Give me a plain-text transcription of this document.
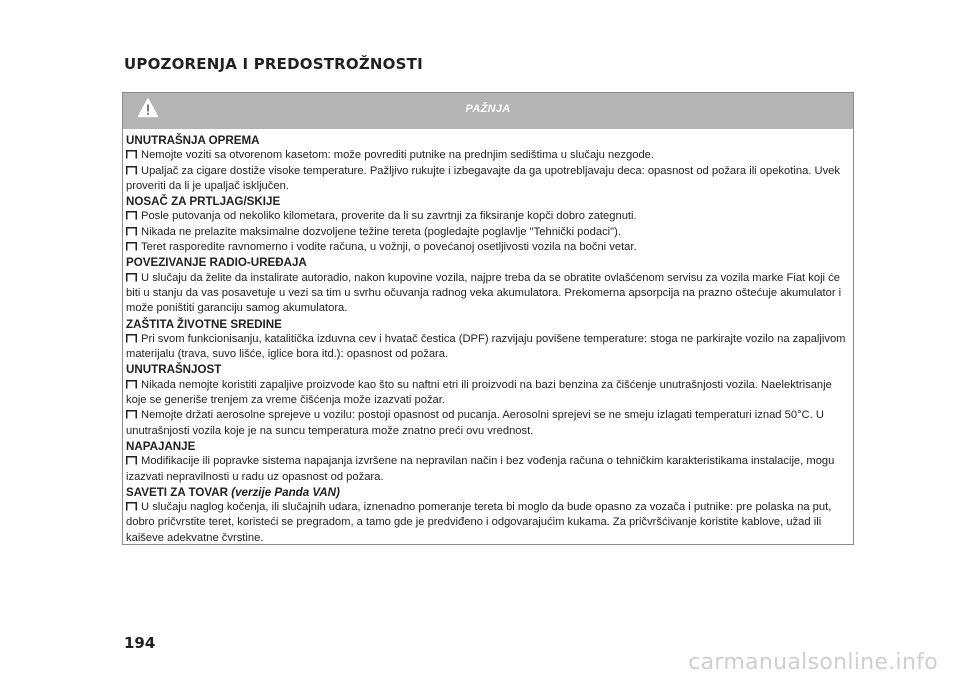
UPOZORENJA I PREDOSTROŽNOSTI
PAŽNJA
UNUTRAŠNJA OPREMA
Nemojte voziti sa otvorenom kasetom: može povrediti putnike na prednjim sedištima u slučaju nezgode.
Upaljač za cigare dostiže visoke temperature. Pažljivo rukujte i izbegavajte da ga upotrebljavaju deca: opasnost od požara ili opekotina. Uvek proveriti da li je upaljač isključen.
NOSAČ ZA PRTLJAG/SKIJE
Posle putovanja od nekoliko kilometara, proverite da li su zavrtnji za fiksiranje kopči dobro zategnuti.
Nikada ne prelazite maksimalne dozvoljene težine tereta (pogledajte poglavlje "Tehnički podaci").
Teret rasporedite ravnomerno i vodite računa, u vožnji, o povećanoj osetljivosti vozila na bočni vetar.
POVEZIVANJE RADIO-UREĐAJA
U slučaju da želite da instalirate autoradio, nakon kupovine vozila, najpre treba da se obratite ovlašćenom servisu za vozila marke Fiat koji će biti u stanju da vas posavetuje u vezi sa tim u svrhu očuvanja radnog veka akumulatora. Prekomerna apsorpcija na prazno oštećuje akumulator i može poništiti garanciju samog akumulatora.
ZAŠTITA ŽIVOTNE SREDINE
Pri svom funkcionisanju, katalitička izduvna cev i hvatač čestica (DPF) razvijaju povišene temperature: stoga ne parkirajte vozilo na zapaljivom materijalu (trava, suvo lišće, iglice bora itd.): opasnost od požara.
UNUTRAŠNJOST
Nikada nemojte koristiti zapaljive proizvode kao što su naftni etri ili proizvodi na bazi benzina za čišćenje unutrašnjosti vozila. Naelektrisanje koje se generiše trenjem za vreme čišćenja može izazvati požar.
Nemojte držati aerosolne spreјeve u vozilu: postoji opasnost od pucanja. Aerosolni spreјevi se ne smeju izlagati temperaturi iznad 50°C. U unutrašnjosti vozila koje je na suncu temperatura može znatno preći ovu vrednost.
NAPAJANJE
Modifikacije ili popravke sistema napajanja izvršene na nepravilan način i bez vođenja računa o tehničkim karakteristikama instalacije, mogu izazvati nepravilnosti u radu uz opasnost od požara.
SAVETI ZA TOVAR (verzije Panda VAN)
U slučaju naglog kočenja, ili slučajnih udara, iznenadno pomeranje tereta bi moglo da bude opasno za vozača i putnike: pre polaska na put, dobro pričvrstite teret, koristeći se pregradom, a tamo gde je predviđeno i odgovarajućim kukama. Za pričvršćivanje koristite kablove, užad ili kaiševe adekvatne čvrstine.
194
carmanualsonline.info
